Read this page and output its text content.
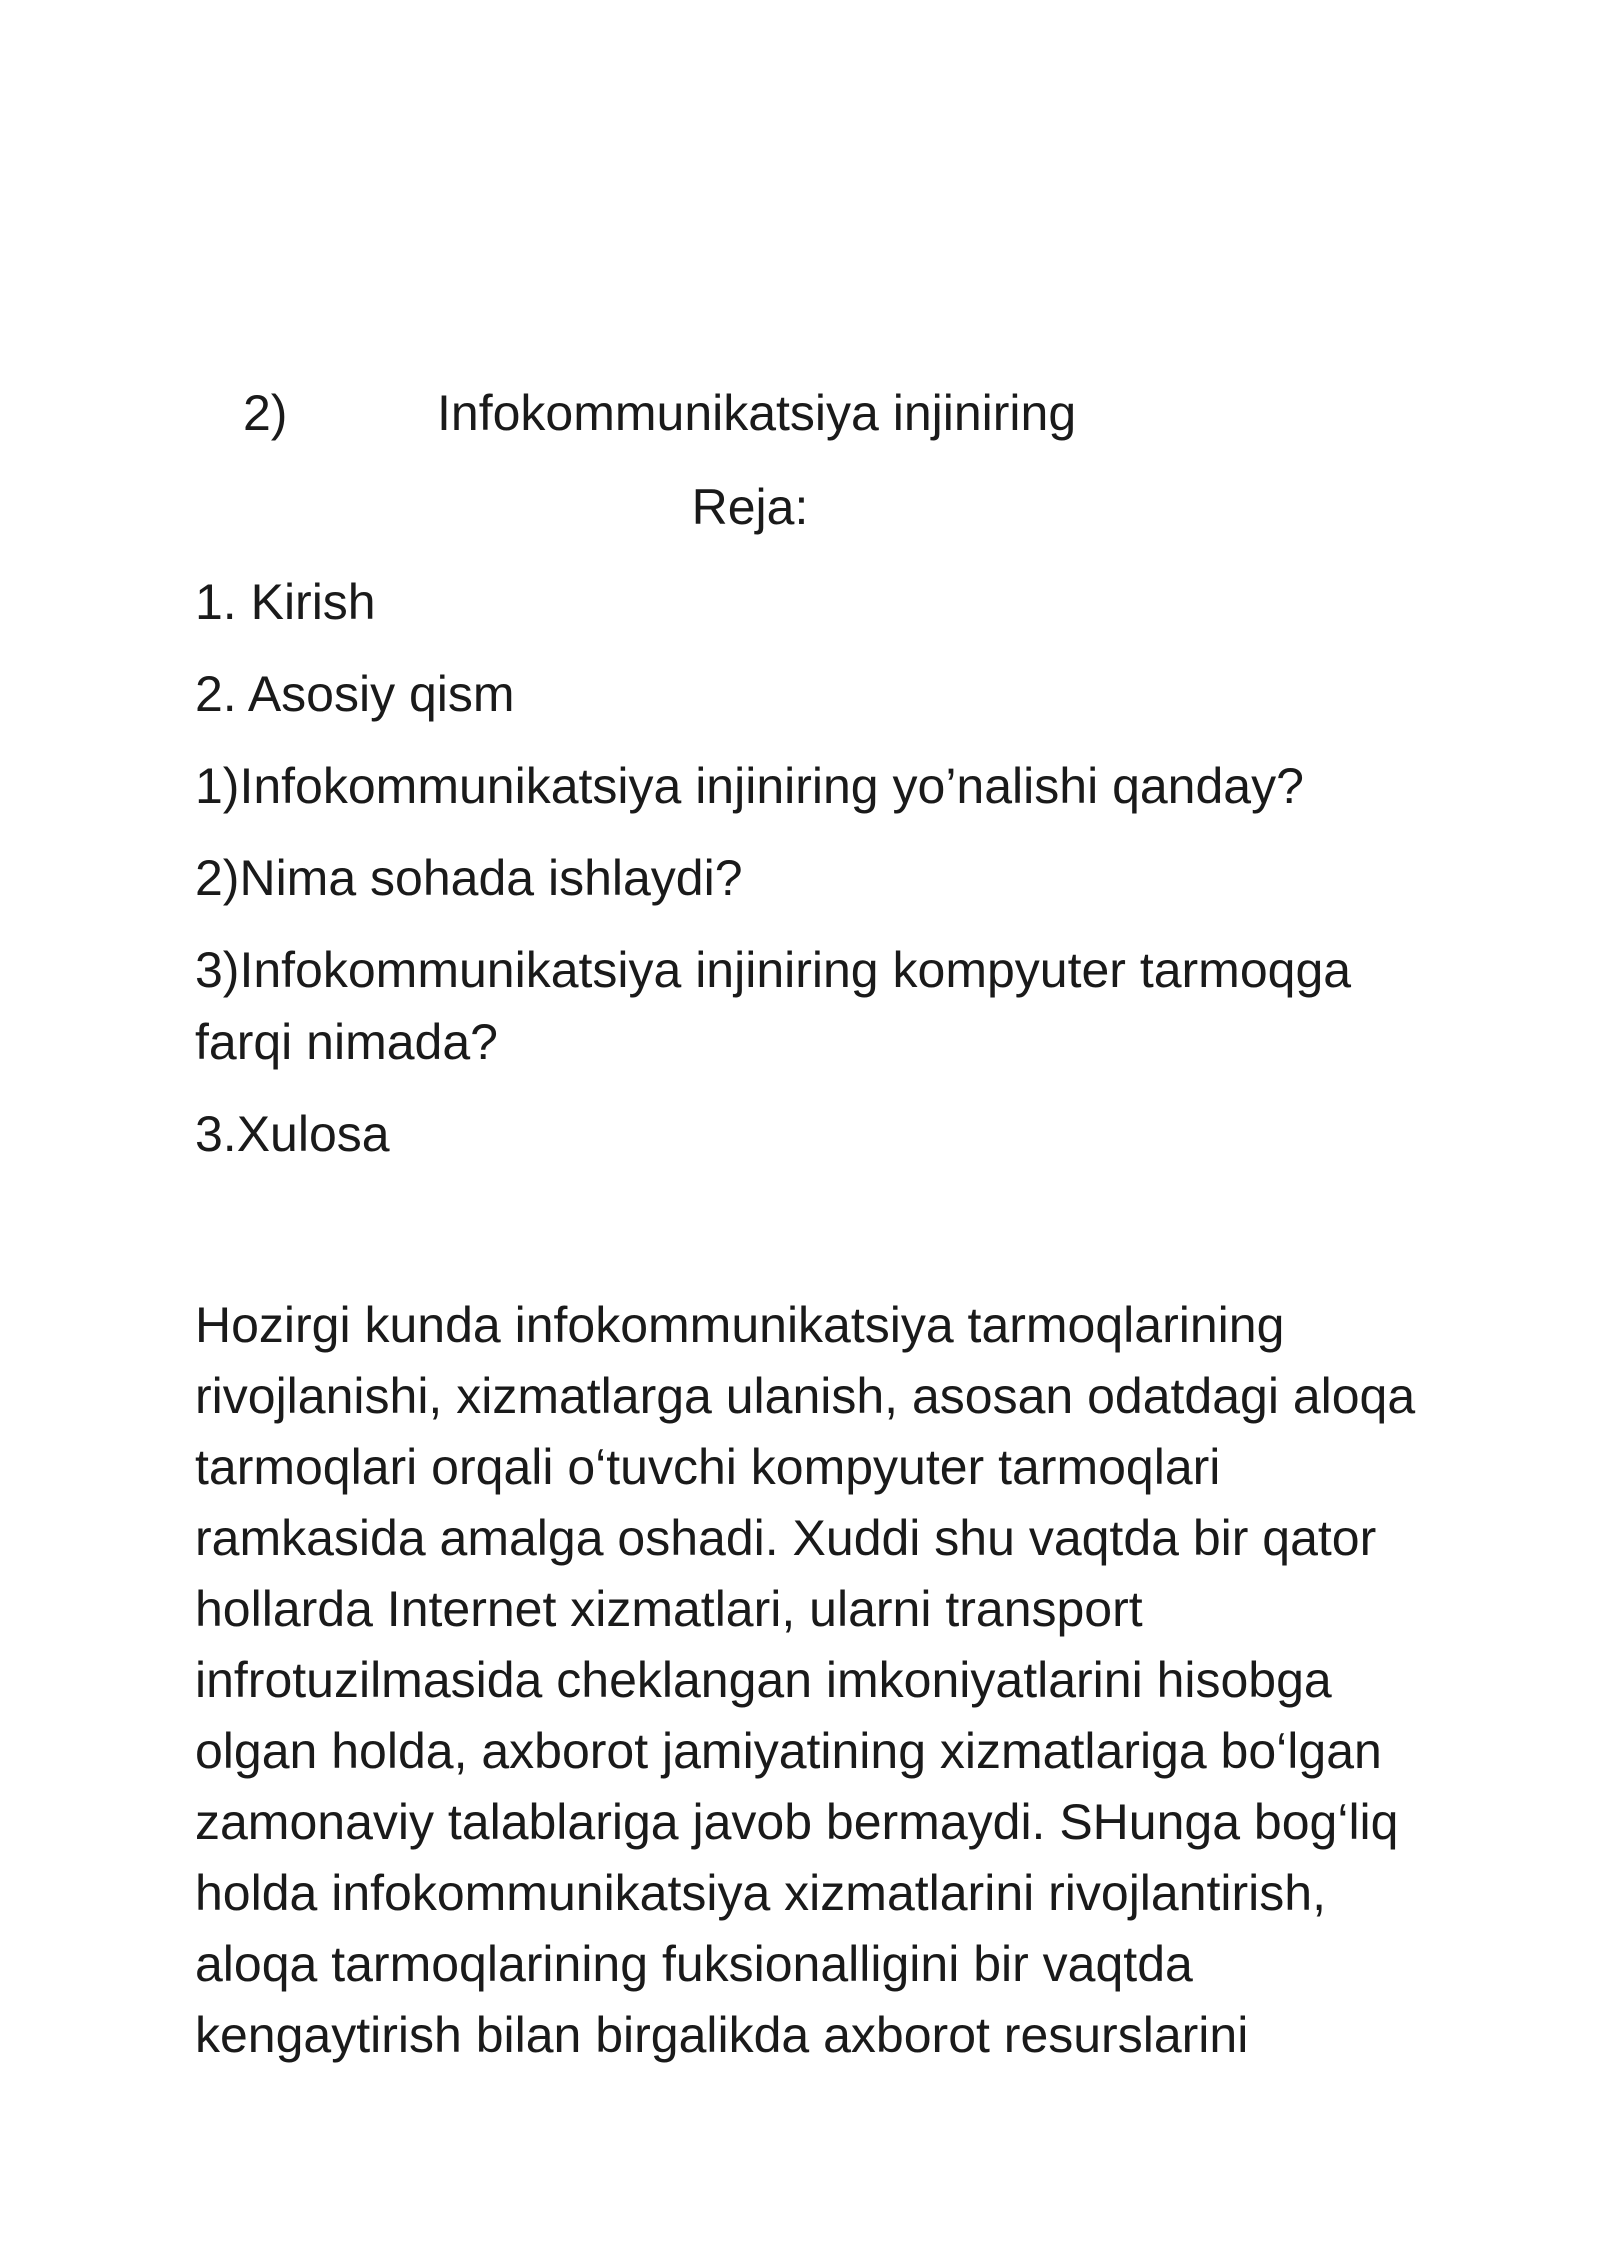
2)	Infokommunikatsiya injiniring
Reja:
1. Kirish
2. Asosiy qism
1)Infokommunikatsiya injiniring yo’nalishi qanday?
2)Nima sohada ishlaydi?
3)Infokommunikatsiya injiniring kompyuter tarmoqga
farqi nimada?
3.Xulosa
Hozirgi kunda infokommunikatsiya tarmoqlarining
rivojlanishi, xizmatlarga ulanish, asosan odatdagi aloqa
tarmoqlari orqali o‘tuvchi kompyuter tarmoqlari
ramkasida amalga oshadi. Xuddi shu vaqtda bir qator
hollarda Internet xizmatlari, ularni transport
infrotuzilmasida cheklangan imkoniyatlarini hisobga
olgan holda, axborot jamiyatining xizmatlariga bo‘lgan
zamonaviy talablariga javob bermaydi. SHunga bog‘liq
holda infokommunikatsiya xizmatlarini rivojlantirish,
aloqa tarmoqlarining fuksionalligini bir vaqtda
kengaytirish bilan birgalikda axborot resurslarini
